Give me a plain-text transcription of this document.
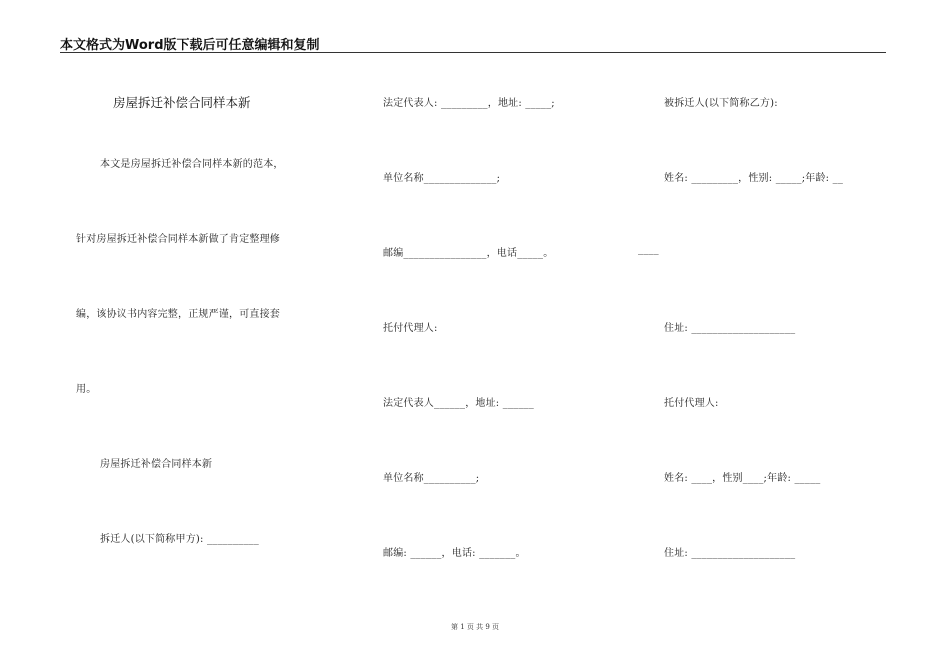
本文格式为Word版下载后可任意编辑和复制
房屋拆迁补偿合同样本新
本文是房屋拆迁补偿合同样本新的范本，
针对房屋拆迁补偿合同样本新做了肯定整理修
编，该协议书内容完整，正规严谨，可直接套
用。
房屋拆迁补偿合同样本新
拆迁人(以下简称甲方): __________
法定代表人: _________，地址: _____;
单位名称______________;
邮编________________，电话_____。
托付代理人:
法定代表人______，地址: ______
单位名称__________;
邮编: ______，电话: _______。
被拆迁人(以下简称乙方):
姓名: _________，性别: _____;年龄: __
____
住址: ____________________
托付代理人:
姓名: ____，性别____;年龄: _____
住址: ____________________
第 1 页 共 9 页
